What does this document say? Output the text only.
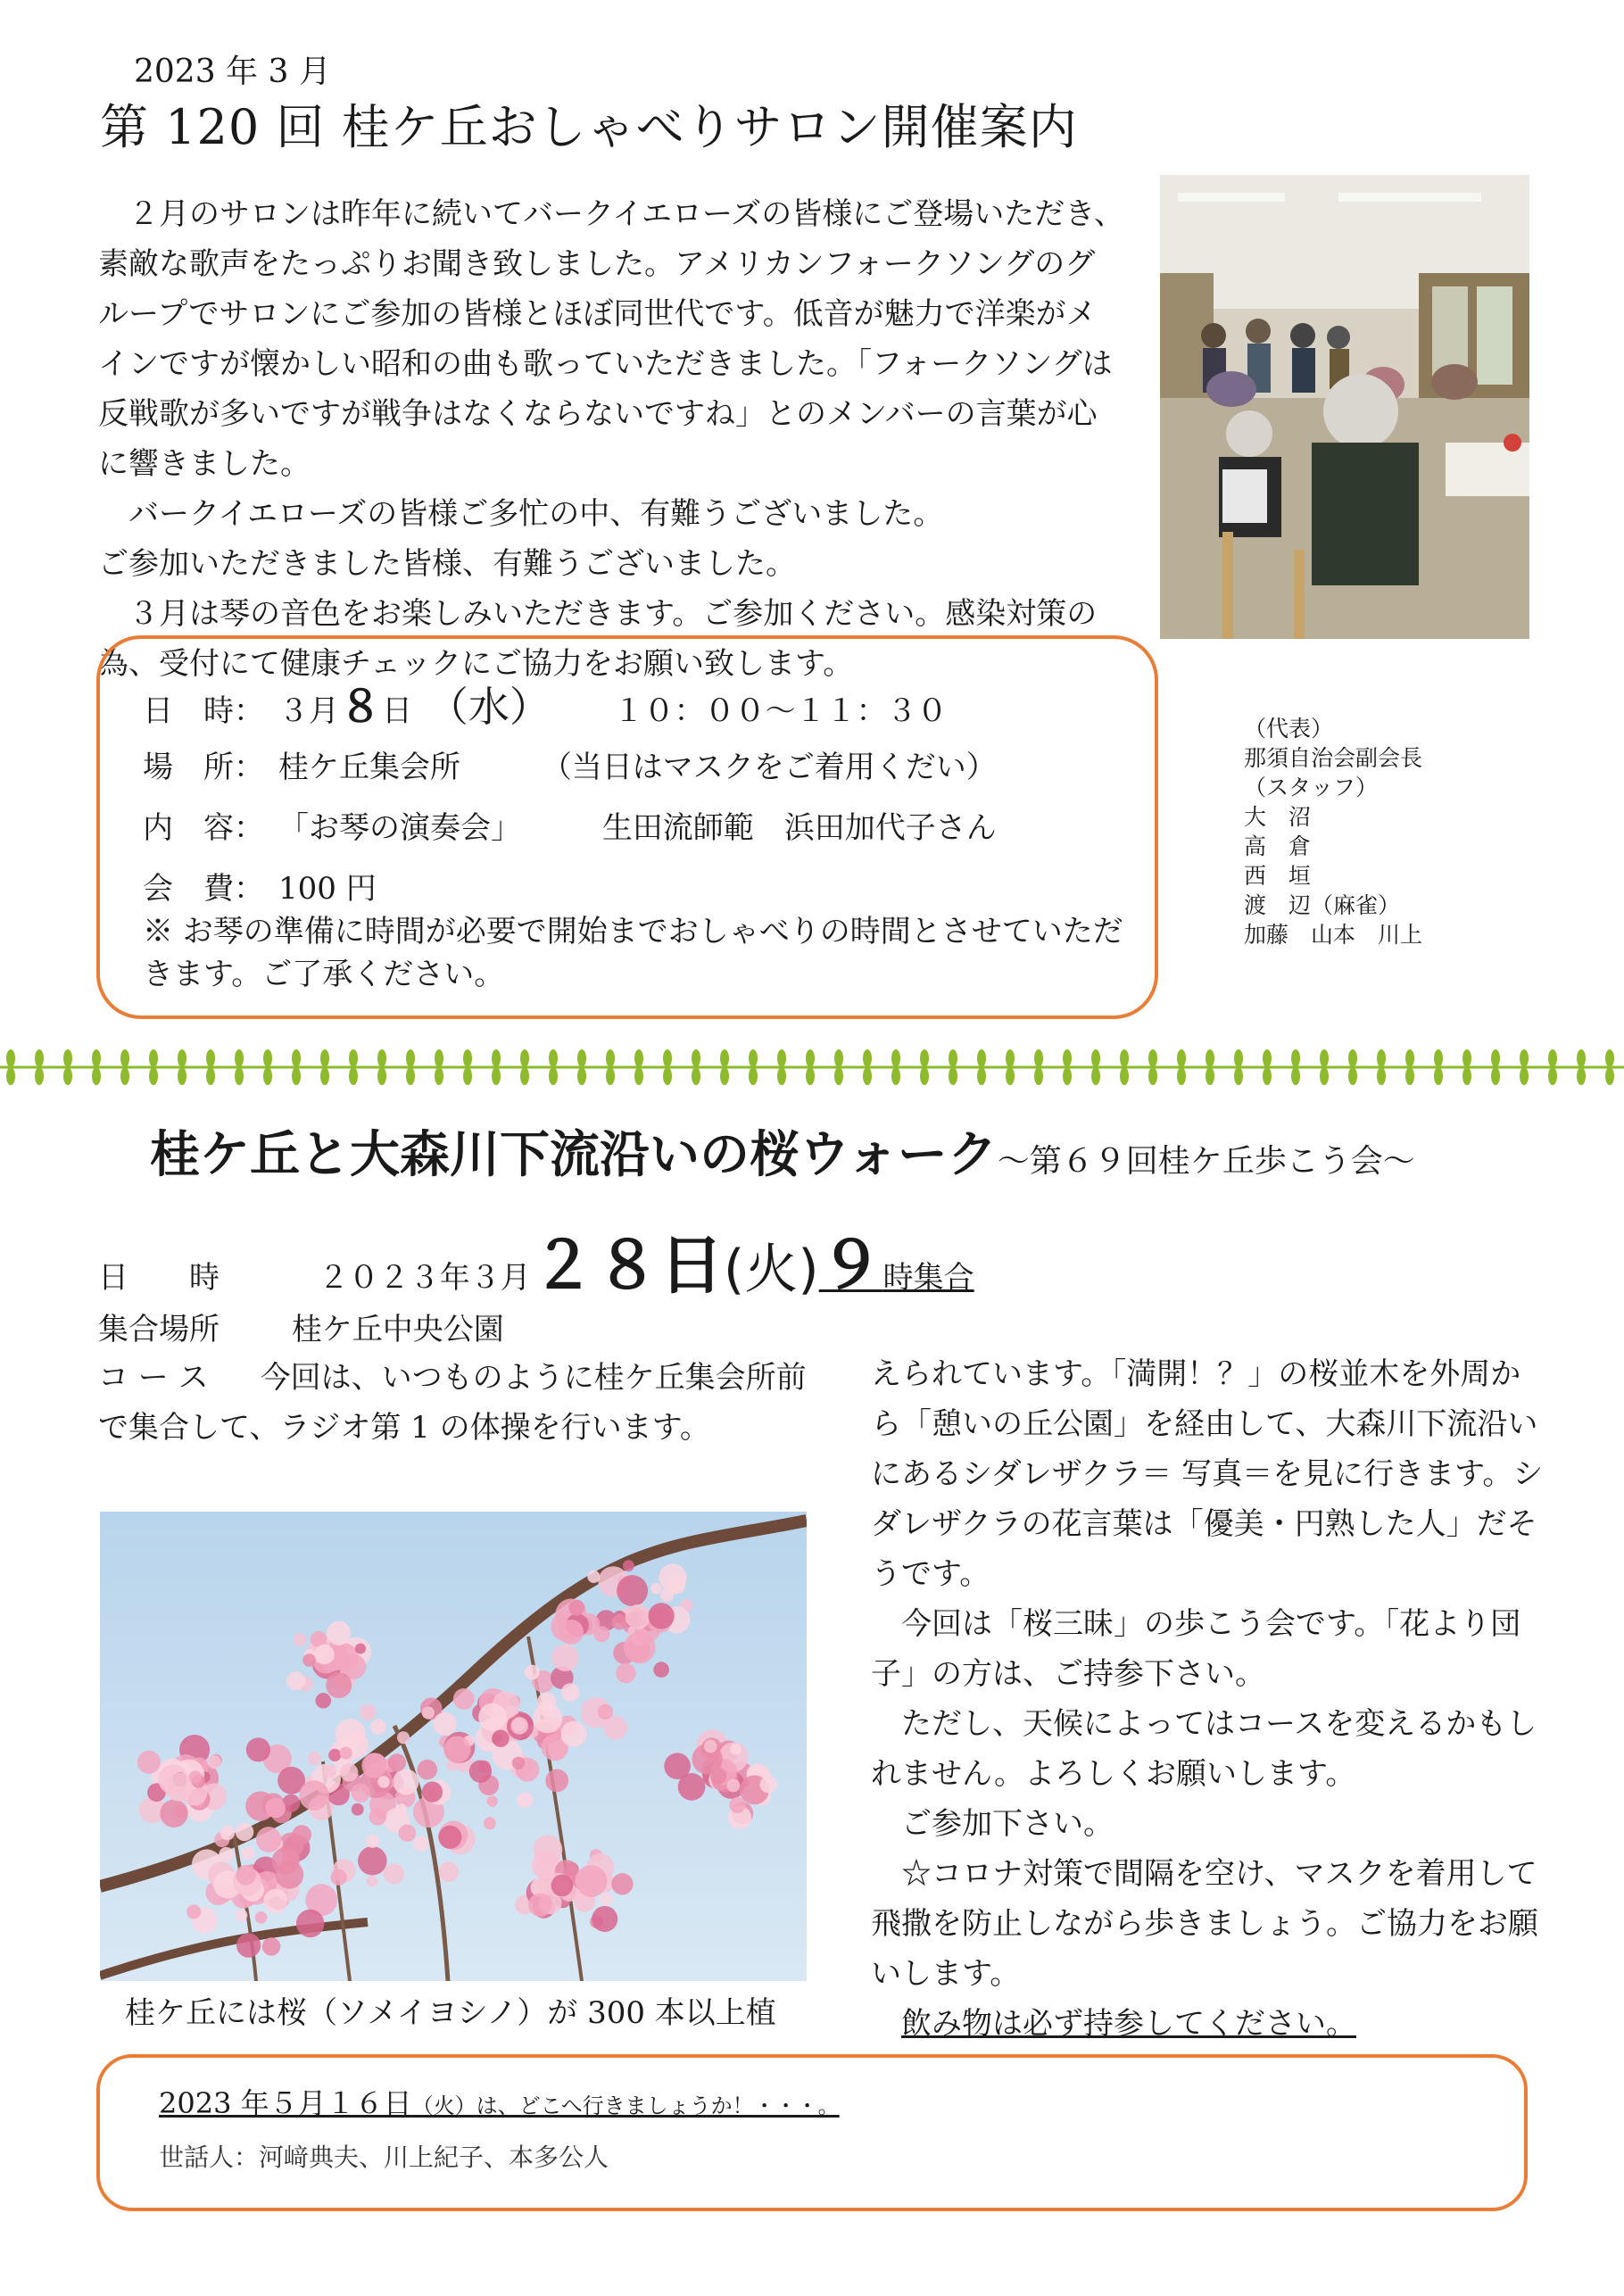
2023 年 3 月
第 120 回 桂ケ丘おしゃべりサロン開催案内

２月のサロンは昨年に続いてバークイエローズの皆様にご登場いただき、素敵な歌声をたっぷりお聞き致しました。アメリカンフォークソングのグループでサロンにご参加の皆様とほぼ同世代です。低音が魅力で洋楽がメインですが懐かしい昭和の曲も歌っていただきました。「フォークソングは反戦歌が多いですが戦争はなくならないですね」とのメンバーの言葉が心に響きました。

バークイエローズの皆様ご多忙の中、有難うございました。

ご参加いただきました皆様、有難うございました。

３月は琴の音色をお楽しみいただきます。ご参加ください。感染対策の為、受付にて健康チェックにご協力をお願い致します。

日　時： ３月８日 （水） １０：００～１１：３０
場　所： 桂ケ丘集会所	（当日はマスクをご着用くだい）
内　容： 「お琴の演奏会」	生田流師範　浜田加代子さん
会　費： 100 円
※ お琴の準備に時間が必要で開始までおしゃべりの時間とさせていただきます。ご了承ください。
（代表）
那須自治会副会長
（スタッフ）
大　沼
高　倉
西　垣
渡　辺（麻雀）
加藤　山本　川上
桂ケ丘と大森川下流沿いの桜ウォーク～第６９回桂ケ丘歩こう会～
日　　時	２０２３年３月２８日(火)９時集合
集合場所 桂ケ丘中央公園
コ ー ス 今回は、いつものように桂ケ丘集会所前で集合して、ラジオ第 1 の体操を行います。
桂ケ丘には桜（ソメイヨシノ）が 300 本以上植

えられています。「満開！？」の桜並木を外周から「憩いの丘公園」を経由して、大森川下流沿いにあるシダレザクラ＝ 写真＝を見に行きます。シダレザクラの花言葉は「優美・円熟した人」だそうです。

今回は「桜三昧」の歩こう会です。「花より団子」の方は、ご持参下さい。

ただし、天候によってはコースを変えるかもしれません。よろしくお願いします。

ご参加下さい。

☆コロナ対策で間隔を空け、マスクを着用して飛撒を防止しながら歩きましょう。ご協力をお願いします。

飲み物は必ず持参してください。

2023 年５月１６日（火）は、どこへ行きましょうか！・・・。
世話人：河﨑典夫、川上紀子、本多公人
